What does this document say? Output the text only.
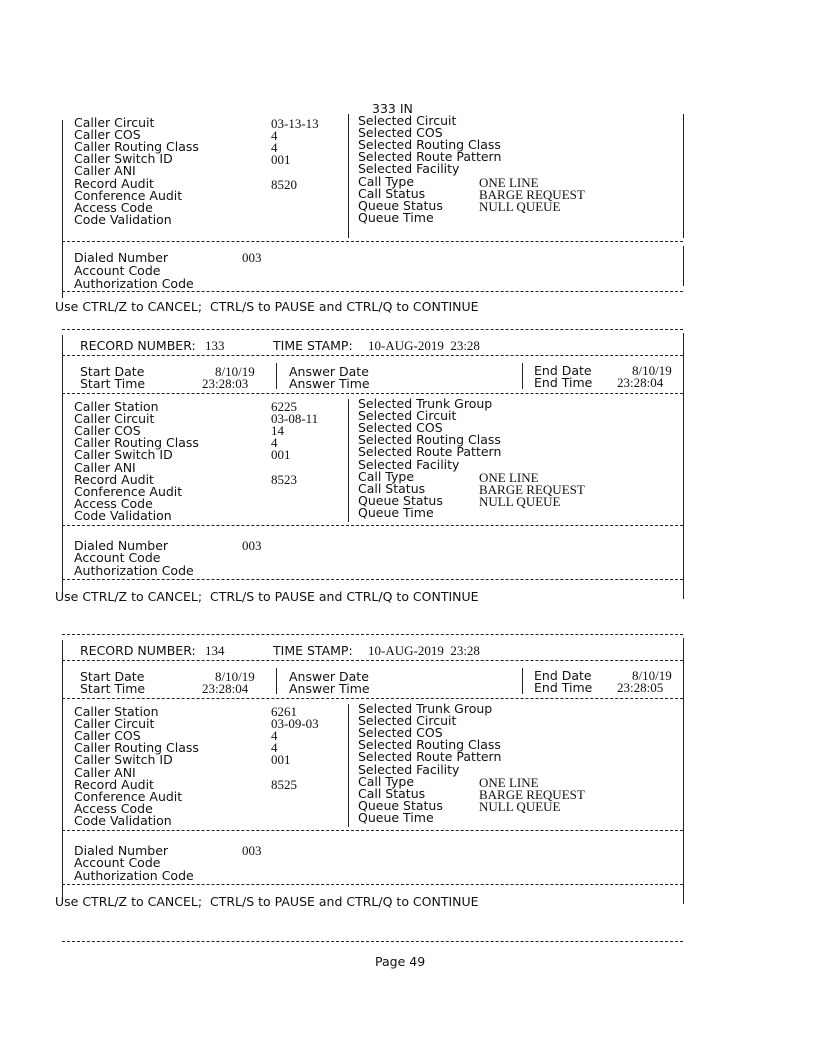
333 IN
Caller Circuit	03-13-13
Caller COS	4
Caller Routing Class	4
Caller Switch ID	001
Caller ANI
Record Audit	8520
Conference Audit
Access Code
Code Validation
Selected Circuit
Selected COS
Selected Routing Class
Selected Route Pattern
Selected Facility
Call Type	ONE LINE
Call Status	BARGE REQUEST
Queue Status	NULL QUEUE
Queue Time
Dialed Number	003
Account Code
Authorization Code
Use CTRL/Z to CANCEL;  CTRL/S to PAUSE and CTRL/Q to CONTINUE
RECORD NUMBER: 133	TIME STAMP: 10-AUG-2019  23:28
Start Date	8/10/19
Start Time	23:28:03
Answer Date
Answer Time
End Date	8/10/19
End Time 23:28:04
Caller Station	6225
Caller Circuit	03-08-11
Caller COS	14
Caller Routing Class	4
Caller Switch ID	001
Caller ANI
Record Audit	8523
Conference Audit
Access Code
Code Validation
Selected Trunk Group
Selected Circuit
Selected COS
Selected Routing Class
Selected Route Pattern
Selected Facility
Call Type	ONE LINE
Call Status	BARGE REQUEST
Queue Status	NULL QUEUE
Queue Time
Dialed Number	003
Account Code
Authorization Code
Use CTRL/Z to CANCEL;  CTRL/S to PAUSE and CTRL/Q to CONTINUE
RECORD NUMBER: 134	TIME STAMP: 10-AUG-2019  23:28
Start Date	8/10/19
Start Time	23:28:04
Answer Date
Answer Time
End Date	8/10/19
End Time 23:28:05
Caller Station	6261
Caller Circuit	03-09-03
Caller COS	4
Caller Routing Class	4
Caller Switch ID	001
Caller ANI
Record Audit	8525
Conference Audit
Access Code
Code Validation
Selected Trunk Group
Selected Circuit
Selected COS
Selected Routing Class
Selected Route Pattern
Selected Facility
Call Type	ONE LINE
Call Status	BARGE REQUEST
Queue Status	NULL QUEUE
Queue Time
Dialed Number	003
Account Code
Authorization Code
Use CTRL/Z to CANCEL;  CTRL/S to PAUSE and CTRL/Q to CONTINUE
Page 49
